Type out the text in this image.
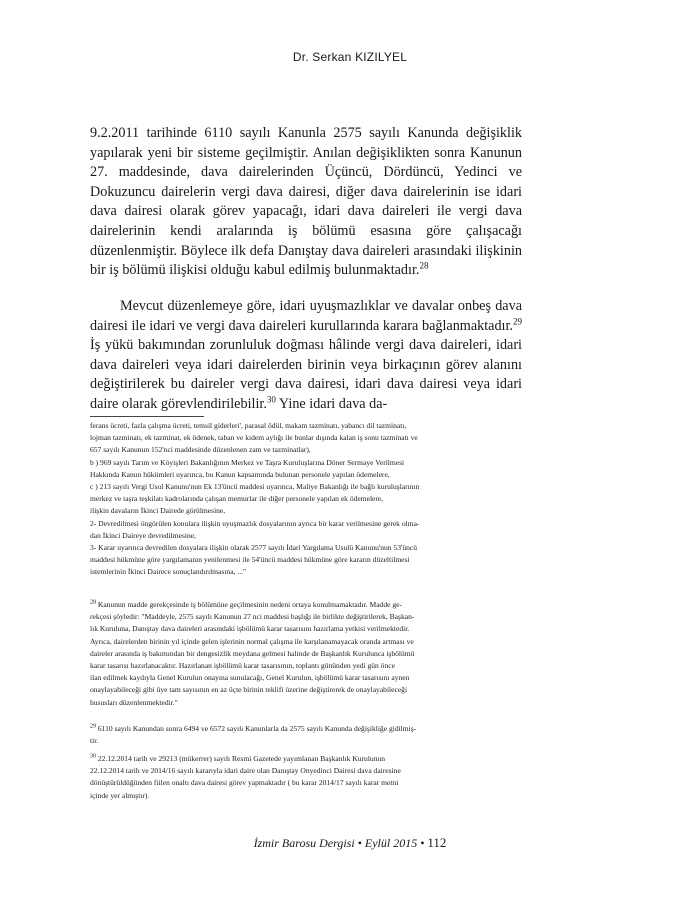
Dr. Serkan KIZILYEL

9.2.2011 tarihinde 6110 sayılı Kanunla 2575 sayılı Kanunda değişiklik yapılarak yeni bir sisteme geçilmiştir. Anılan değişiklikten sonra Kanunun 27. maddesinde, dava dairelerinden Üçüncü, Dördüncü, Yedinci ve Dokuzuncu dairelerin vergi dava dairesi, diğer dava dairelerinin ise idari dava dairesi olarak görev yapacağı, idari dava daireleri ile vergi dava dairelerinin kendi aralarında iş bölümü esasına göre çalışacağı düzenlenmiştir. Böylece ilk defa Danıştay dava daireleri arasındaki ilişkinin bir iş bölümü ilişkisi olduğu kabul edilmiş bulunmaktadır.$^{28}$

Mevcut düzenlemeye göre, idari uyuşmazlıklar ve davalar onbeş dava dairesi ile idari ve vergi dava daireleri kurullarında karara bağlanmaktadır.$^{29}$ İş yükü bakımından zorunluluk doğması hâlinde vergi dava daireleri, idari dava daireleri veya idari dairelerden birinin veya birkaçının görev alanını değiştirilerek bu daireler vergi dava dairesi, idari dava dairesi veya idari daire olarak görevlendirilebilir.$^{30}$ Yine idari dava da-

ferans ücreti, fazla çalışma ücreti, temsil giderleri', parasal ödül, makam tazminatı, yabancı dil tazminatı,
lojman tazminatı, ek tazminat, ek ödenek, taban ve kıdem aylığı ile bunlar dışında kalan iş sonu tazminatı ve
657 sayılı Kanunun 152'nci maddesinde düzenlenen zam ve tazminatlar),
b ) 969 sayılı Tarım ve Köyişleri Bakanlığının Merkez ve Taşra Kuruluşlarına Döner Sermaye Verilmesi
Hakkında Kanun hükümleri uyarınca, bu Kanun kapsamında bulunan personele yapılan ödemelere,
c ) 213 sayılı Vergi Usul Kanunu'nun Ek 13'üncü maddesi uyarınca, Maliye Bakanlığı ile bağlı kuruluşlarının
merkez ve taşra teşkilatı kadrolarında çalışan memurlar ile diğer personele yapılan ek ödemelere,
ilişkin davaların İkinci Dairede görülmesine,
2- Devredilmesi öngörülen konulara ilişkin uyuşmazlık dosyalarının ayrıca bir karar verilmesine gerek olma-
dan İkinci Daireye devredilmesine,
3- Karar uyarınca devredilen dosyalara ilişkin olarak 2577 sayılı İdari Yargılama Usulü Kanunu'nun 53'üncü
maddesi hükmüne göre yargılamanın yenilenmesi ile 54'üncü maddesi hükmüne göre kararın düzeltilmesi
istemlerinin İkinci Dairece sonuçlandırılmasına, ..."
$^{28}$ Kanunun madde gerekçesinde iş bölümüne geçilmesinin nedeni ortaya konulmamaktadır. Madde ge-
rekçesi şöyledir: "Maddeyle, 2575 sayılı Kanunun 27 nci maddesi başlığı ile birlikte değiştirilerek, Başkan-
lık Kuruluna, Danıştay dava daireleri arasındaki işbölümü karar tasarısını hazırlama yetkisi verilmektedir.
Ayrıca, dairelerden birinin yıl içinde gelen işlerinin normal çalışma ile karşılanamayacak oranda artması ve
daireler arasında iş bakımından bir dengesizlik meydana gelmesi halinde de Başkanlık Kurulunca işbölümü
karar tasarısı hazırlanacaktır. Hazırlanan işbölümü karar tasarısının, toplantı gününden yedi gün önce
ilan edilmek kaydıyla Genel Kurulun onayına sunulacağı, Genel Kurulun, işbölümü karar tasarısını aynen
onaylayabileceği gibi üye tam sayısının en az üçte birinin teklifi üzerine değiştirerek de onaylayabileceği
hususları düzenlenmektedir."
$^{29}$ 6110 sayılı Kanundan sonra 6494 ve 6572 sayılı Kanunlarla da 2575 sayılı Kanunda değişikliğe gidilmiş-
tir.
$^{30}$ 22.12.2014 tarih ve 29213 (mükerrer) sayılı Resmi Gazetede yayımlanan Başkanlık Kurulunun
22.12.2014 tarih ve 2014/16 sayılı kararıyla idari daire olan Danıştay Onyedinci Dairesi dava dairesine
dönüştürüldüğünden fiilen onaltı dava dairesi görev yapmaktadır ( bu karar 2014/17 sayılı karar metni
içinde yer almıştır).
İzmir Barosu Dergisi • Eylül 2015 • 112
